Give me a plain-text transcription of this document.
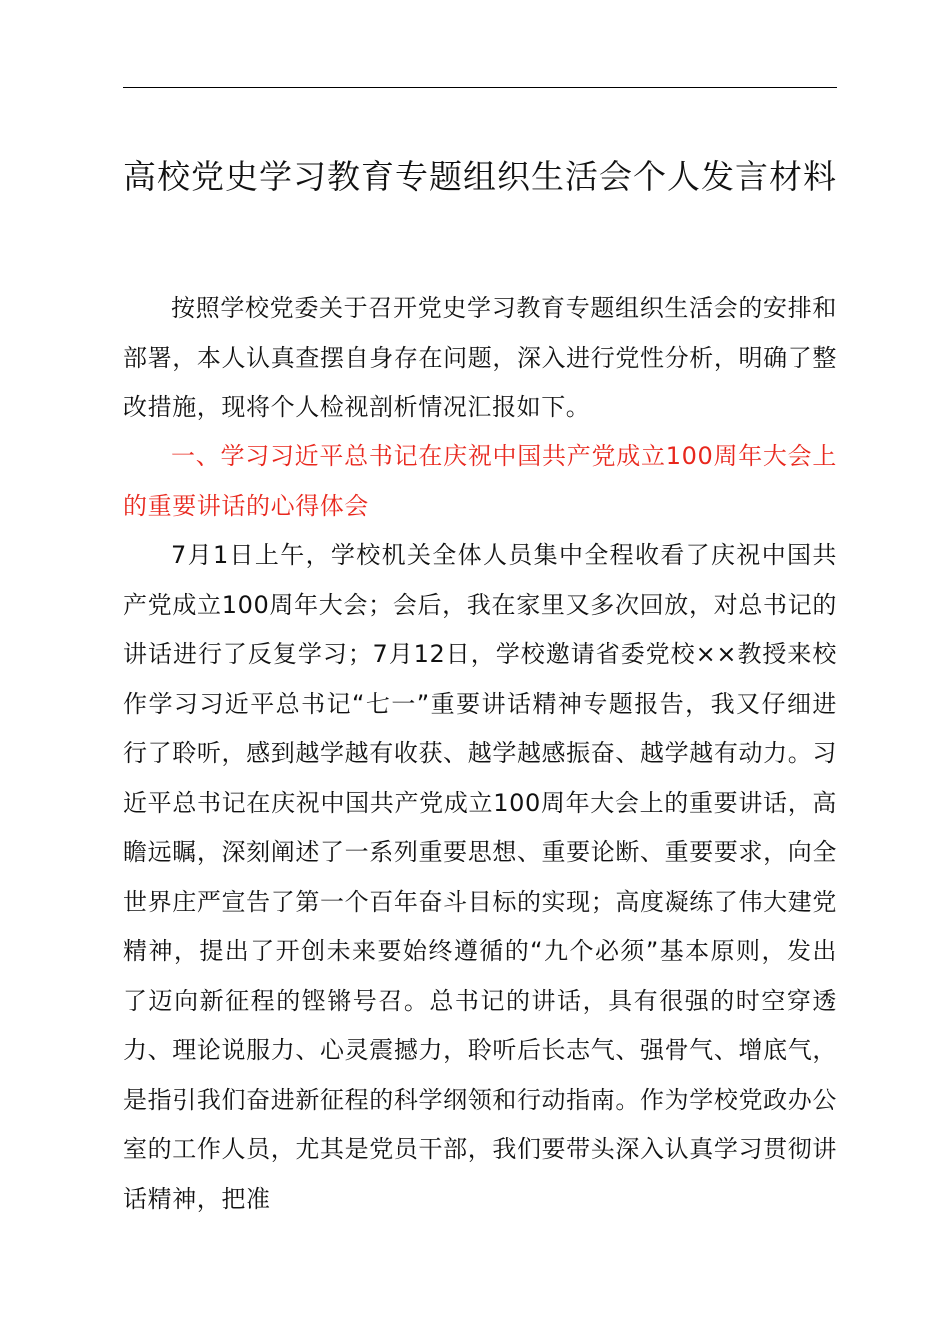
高校党史学习教育专题组织生活会个人发言材料

按照学校党委关于召开党史学习教育专题组织生活会的安排和部署，本人认真查摆自身存在问题，深入进行党性分析，明确了整改措施，现将个人检视剖析情况汇报如下。

一、学习习近平总书记在庆祝中国共产党成立100周年大会上的重要讲话的心得体会

7月1日上午，学校机关全体人员集中全程收看了庆祝中国共产党成立100周年大会；会后，我在家里又多次回放，对总书记的讲话进行了反复学习；7月12日，学校邀请省委党校××教授来校作学习习近平总书记“七一”重要讲话精神专题报告，我又仔细进行了聆听，感到越学越有收获、越学越感振奋、越学越有动力。习近平总书记在庆祝中国共产党成立100周年大会上的重要讲话，高瞻远瞩，深刻阐述了一系列重要思想、重要论断、重要要求，向全世界庄严宣告了第一个百年奋斗目标的实现；高度凝练了伟大建党精神，提出了开创未来要始终遵循的“九个必须”基本原则，发出了迈向新征程的铿锵号召。总书记的讲话，具有很强的时空穿透力、理论说服力、心灵震撼力，聆听后长志气、强骨气、增底气，是指引我们奋进新征程的科学纲领和行动指南。作为学校党政办公室的工作人员，尤其是党员干部，我们要带头深入认真学习贯彻讲话精神，把准
